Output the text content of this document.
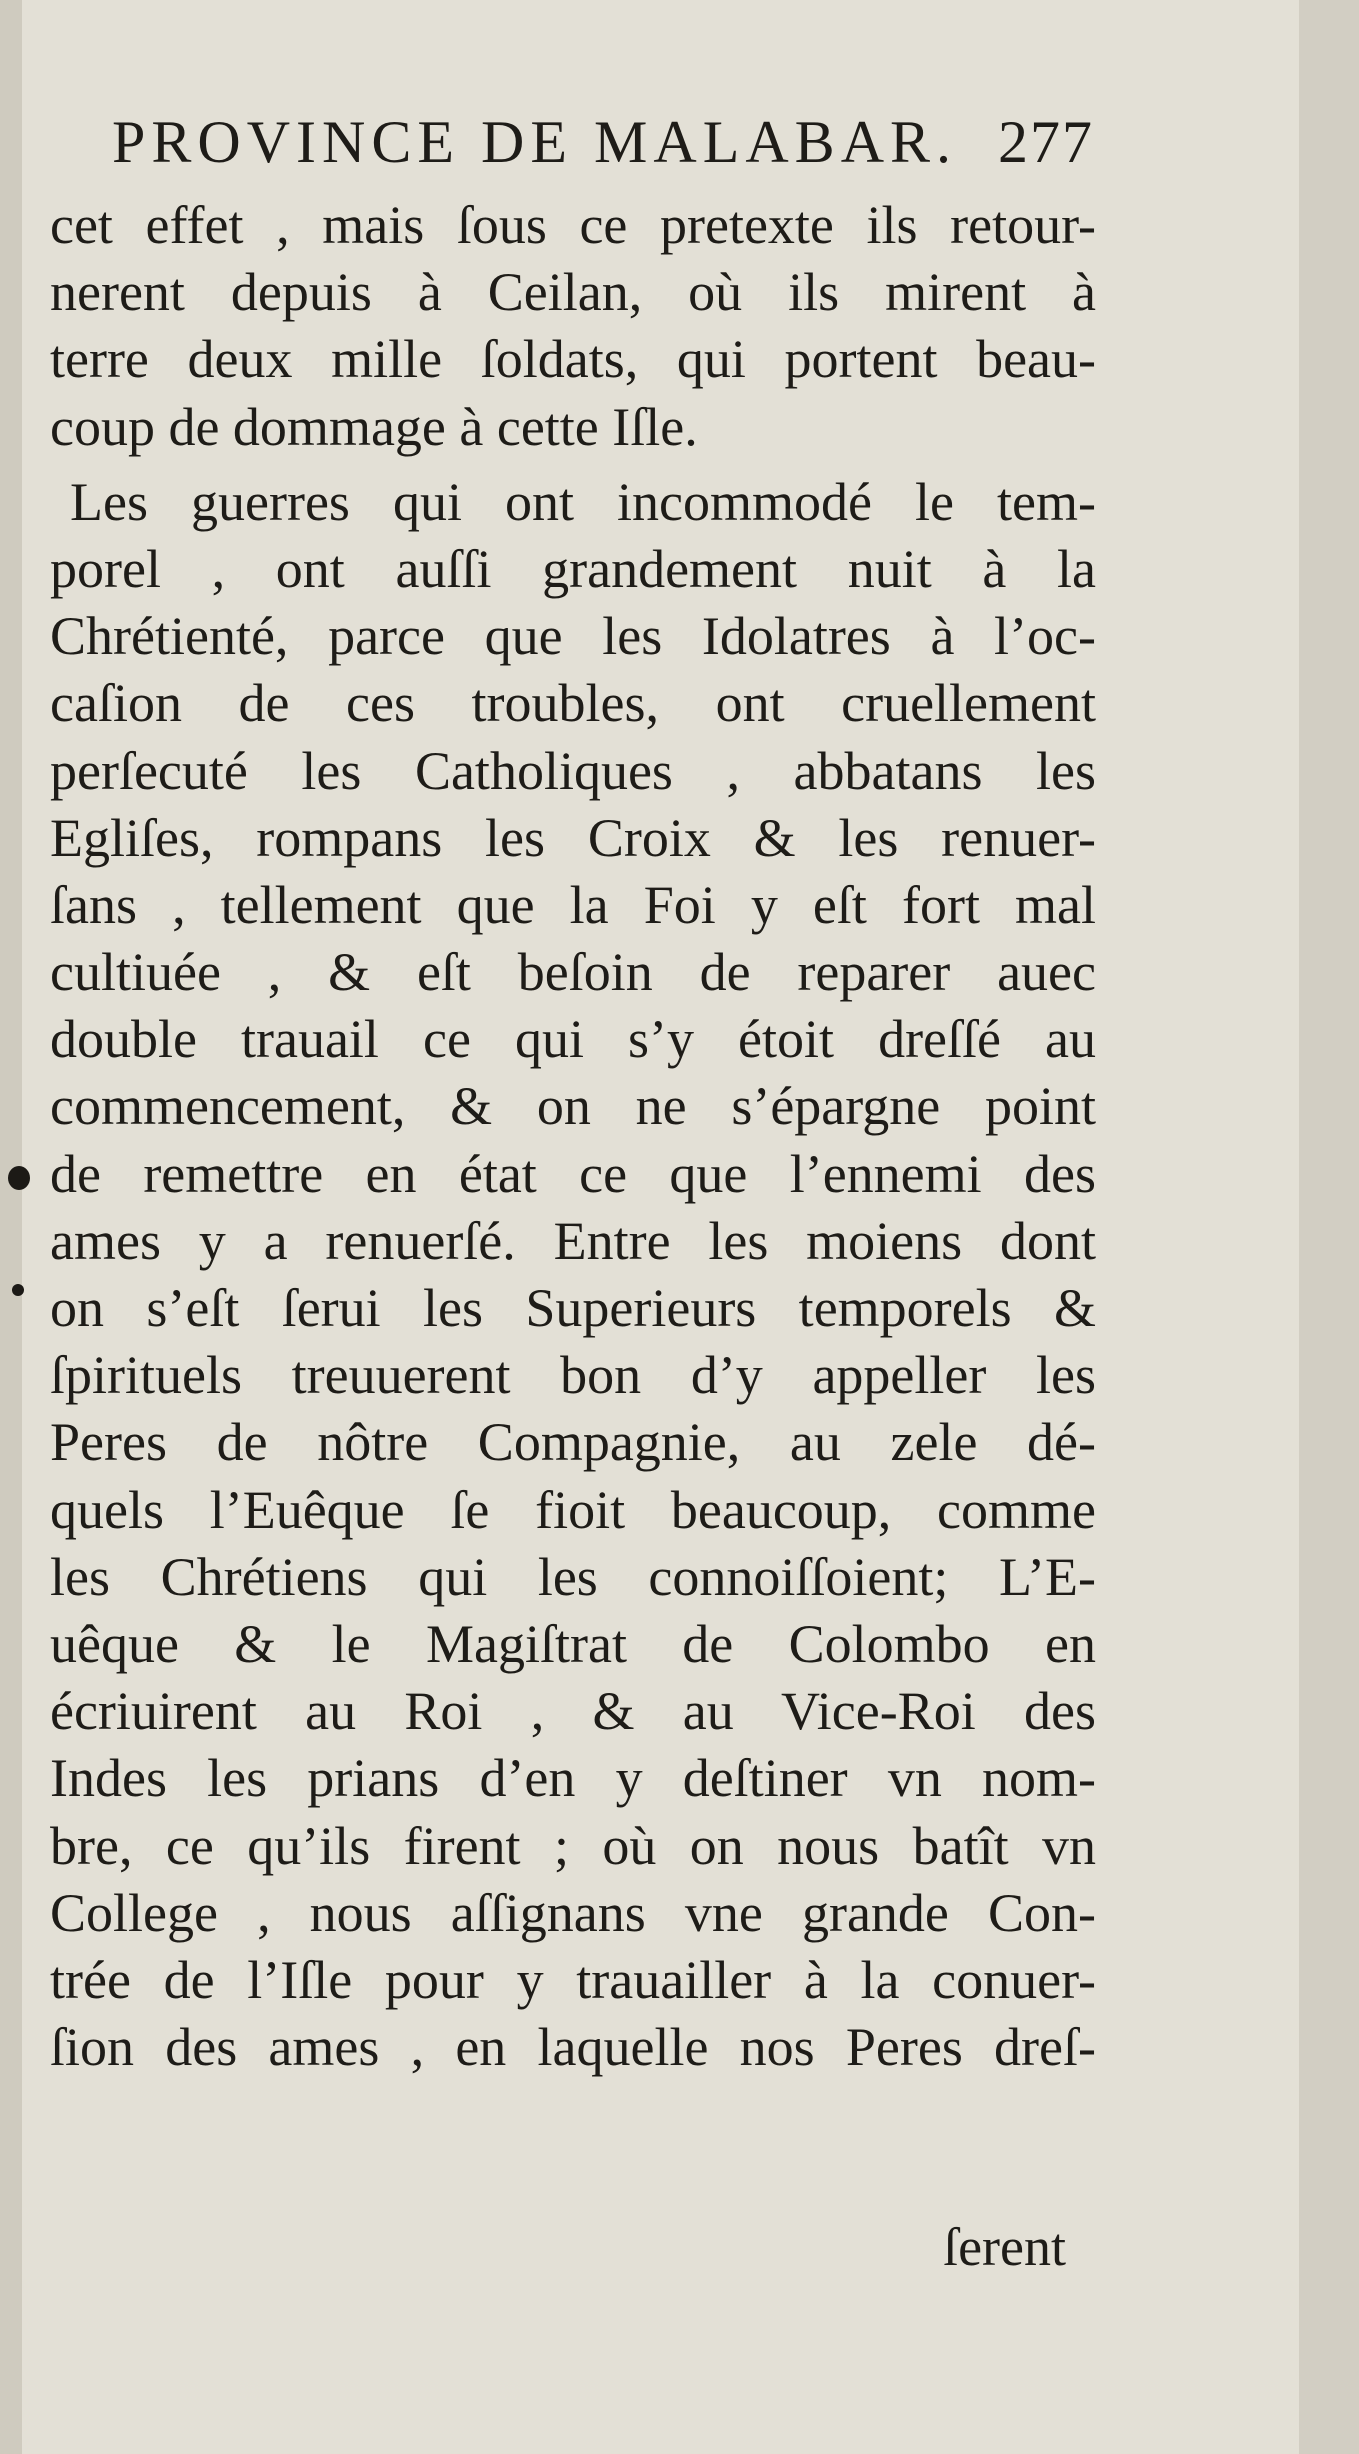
PROVINCE DE MALABAR. 277
cet effet , mais ſous ce pretexte ils retour-
nerent depuis à Ceilan, où ils mirent à
terre deux mille ſoldats, qui portent beau-
coup de dommage à cette Iſle.
Les guerres qui ont incommodé le tem-
porel , ont auſſi grandement nuit à la
Chrétienté, parce que les Idolatres à l’oc-
caſion de ces troubles, ont cruellement
perſecuté les Catholiques , abbatans les
Egliſes, rompans les Croix & les renuer-
ſans , tellement que la Foi y eſt fort mal
cultiuée , & eſt beſoin de reparer auec
double trauail ce qui s’y étoit dreſſé au
commencement, & on ne s’épargne point
de remettre en état ce que l’ennemi des
ames y a renuerſé. Entre les moiens dont
on s’eſt ſerui les Superieurs temporels &
ſpirituels treuuerent bon d’y appeller les
Peres de nôtre Compagnie, au zele dé-
quels l’Euêque ſe fioit beaucoup, comme
les Chrétiens qui les connoiſſoient; L’E-
uêque & le Magiſtrat de Colombo en
écriuirent au Roi , & au Vice-Roi des
Indes les prians d’en y deſtiner vn nom-
bre, ce qu’ils firent ; où on nous batît vn
College , nous aſſignans vne grande Con-
trée de l’Iſle pour y trauailler à la conuer-
ſion des ames , en laquelle nos Peres dreſ-
ſerent
